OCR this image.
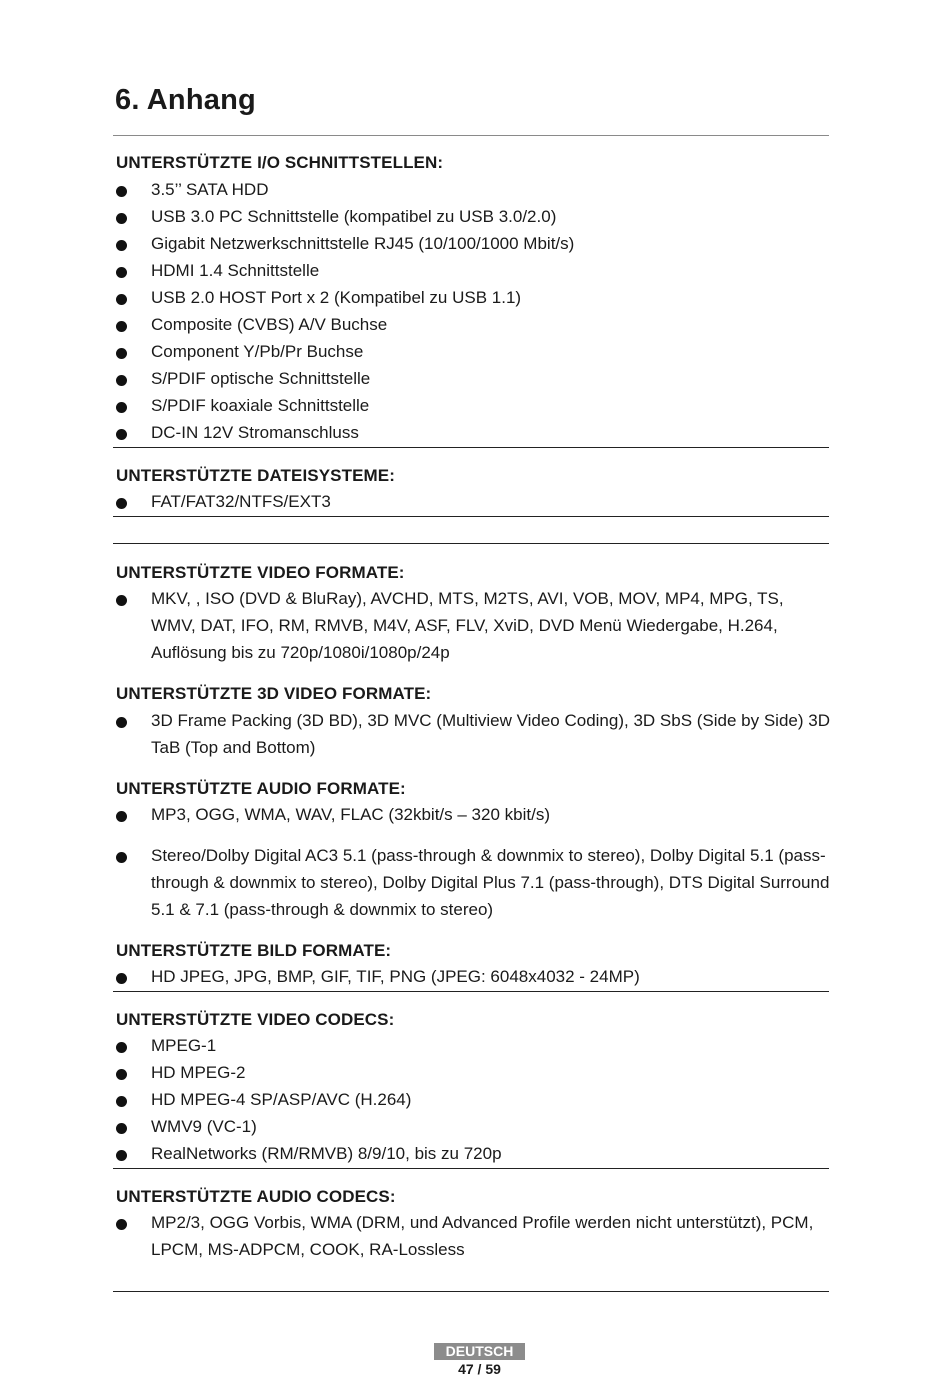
6. Anhang
UNTERSTÜTZTE I/O SCHNITTSTELLEN:
3.5’’ SATA HDD
USB 3.0 PC Schnittstelle (kompatibel zu USB 3.0/2.0)
Gigabit Netzwerkschnittstelle RJ45 (10/100/1000 Mbit/s)
HDMI 1.4 Schnittstelle
USB 2.0 HOST Port x 2 (Kompatibel zu USB 1.1)
Composite (CVBS) A/V Buchse
Component Y/Pb/Pr Buchse
S/PDIF optische Schnittstelle
S/PDIF koaxiale Schnittstelle
DC-IN 12V Stromanschluss
UNTERSTÜTZTE DATEISYSTEME:
FAT/FAT32/NTFS/EXT3
UNTERSTÜTZTE VIDEO FORMATE:
MKV, , ISO (DVD & BluRay), AVCHD, MTS, M2TS, AVI, VOB, MOV, MP4, MPG, TS, WMV, DAT, IFO, RM, RMVB, M4V, ASF, FLV, XviD, DVD Menü Wiedergabe, H.264, Auflösung bis zu 720p/1080i/1080p/24p
UNTERSTÜTZTE 3D VIDEO FORMATE:
3D Frame Packing (3D BD), 3D MVC (Multiview Video Coding), 3D SbS (Side by Side) 3D TaB (Top and Bottom)
UNTERSTÜTZTE AUDIO FORMATE:
MP3, OGG, WMA, WAV, FLAC (32kbit/s – 320 kbit/s)
Stereo/Dolby Digital AC3 5.1 (pass-through & downmix to stereo), Dolby Digital 5.1 (pass-through & downmix to stereo), Dolby Digital Plus 7.1 (pass-through), DTS Digital Surround 5.1 & 7.1 (pass-through & downmix to stereo)
UNTERSTÜTZTE BILD FORMATE:
HD JPEG, JPG, BMP, GIF, TIF, PNG (JPEG: 6048x4032 - 24MP)
UNTERSTÜTZTE VIDEO CODECS:
MPEG-1
HD MPEG-2
HD MPEG-4 SP/ASP/AVC (H.264)
WMV9 (VC-1)
RealNetworks (RM/RMVB) 8/9/10, bis zu 720p
UNTERSTÜTZTE AUDIO CODECS:
MP2/3, OGG Vorbis, WMA (DRM, und Advanced Profile werden nicht unterstützt), PCM, LPCM, MS-ADPCM, COOK, RA-Lossless
DEUTSCH
47 / 59
